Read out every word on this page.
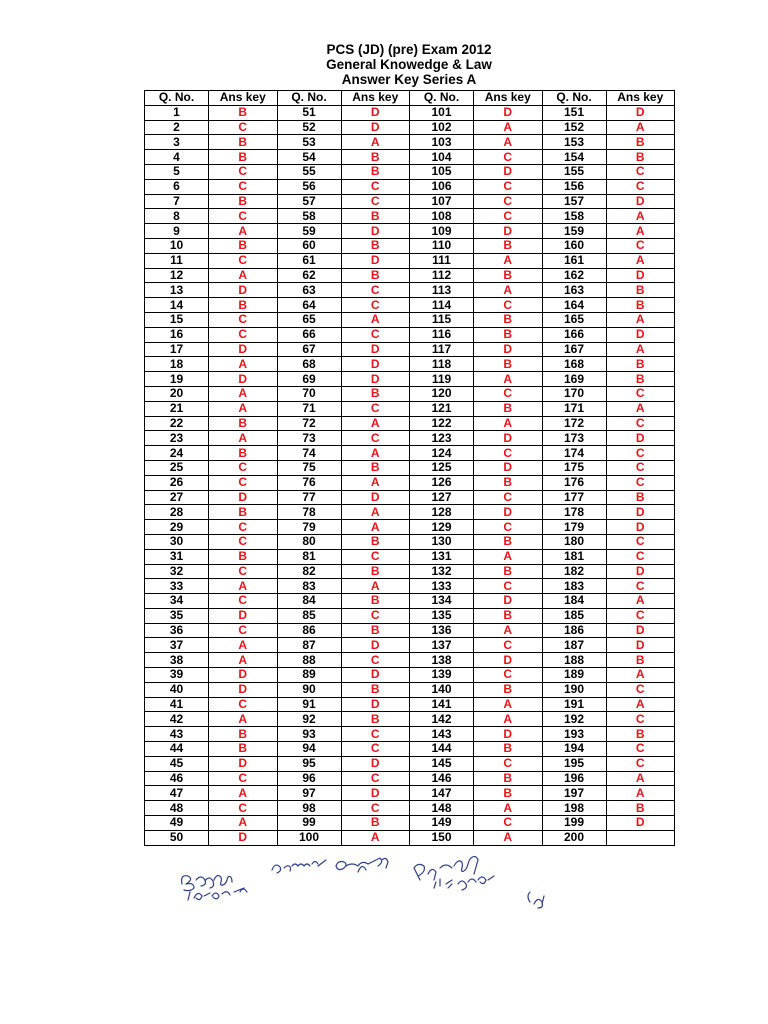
PCS (JD) (pre) Exam 2012
General Knowedge & Law
Answer Key Series A
Q. No.	Ans key	Q. No.	Ans key	Q. No.	Ans key	Q. No.	Ans key
1	B	51	D	101	D	151	D
2	C	52	D	102	A	152	A
3	B	53	A	103	A	153	B
4	B	54	B	104	C	154	B
5	C	55	B	105	D	155	C
6	C	56	C	106	C	156	C
7	B	57	C	107	C	157	D
8	C	58	B	108	C	158	A
9	A	59	D	109	D	159	A
10	B	60	B	110	B	160	C
11	C	61	D	111	A	161	A
12	A	62	B	112	B	162	D
13	D	63	C	113	A	163	B
14	B	64	C	114	C	164	B
15	C	65	A	115	B	165	A
16	C	66	C	116	B	166	D
17	D	67	D	117	D	167	A
18	A	68	D	118	B	168	B
19	D	69	D	119	A	169	B
20	A	70	B	120	C	170	C
21	A	71	C	121	B	171	A
22	B	72	A	122	A	172	C
23	A	73	C	123	D	173	D
24	B	74	A	124	C	174	C
25	C	75	B	125	D	175	C
26	C	76	A	126	B	176	C
27	D	77	D	127	C	177	B
28	B	78	A	128	D	178	D
29	C	79	A	129	C	179	D
30	C	80	B	130	B	180	C
31	B	81	C	131	A	181	C
32	C	82	B	132	B	182	D
33	A	83	A	133	C	183	C
34	C	84	B	134	D	184	A
35	D	85	C	135	B	185	C
36	C	86	B	136	A	186	D
37	A	87	D	137	C	187	D
38	A	88	C	138	D	188	B
39	D	89	D	139	C	189	A
40	D	90	B	140	B	190	C
41	C	91	D	141	A	191	A
42	A	92	B	142	A	192	C
43	B	93	C	143	D	193	B
44	B	94	C	144	B	194	C
45	D	95	D	145	C	195	C
46	C	96	C	146	B	196	A
47	A	97	D	147	B	197	A
48	C	98	C	148	A	198	B
49	A	99	B	149	C	199	D
50	D	100	A	150	A	200	
